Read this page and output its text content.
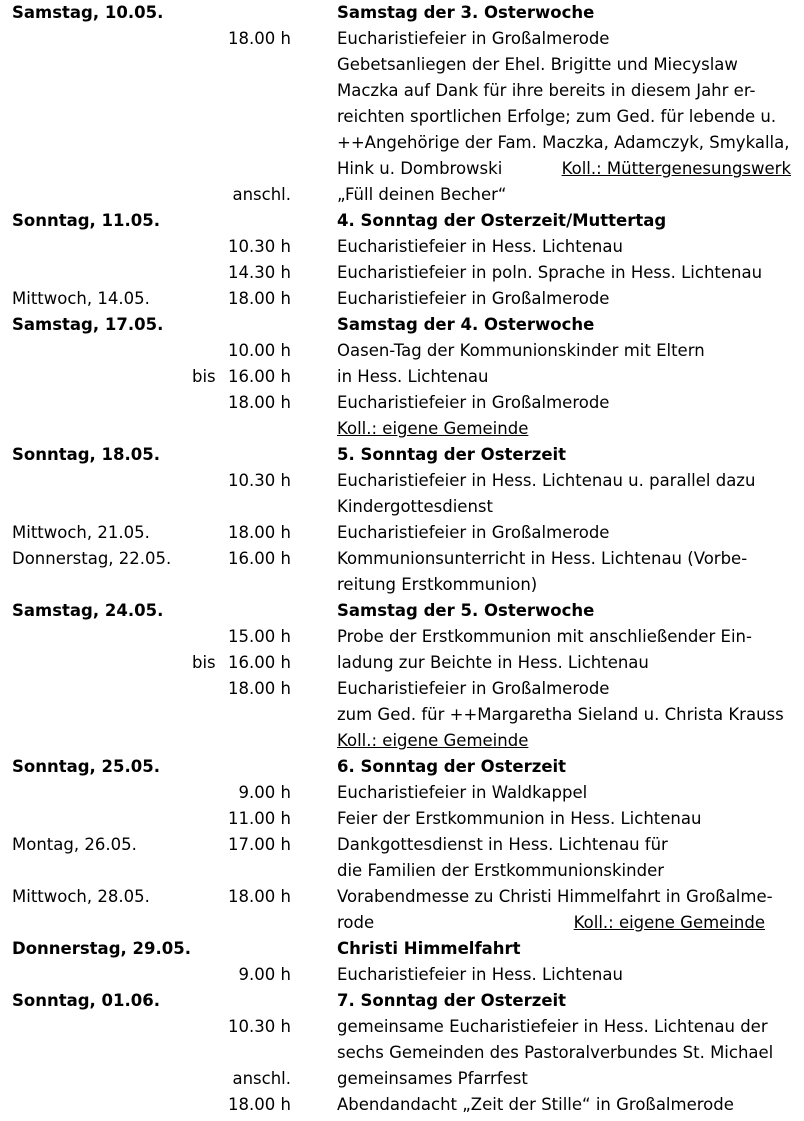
Samstag, 10.05.	Samstag der 3. Osterwoche
18.00 h	Eucharistiefeier in Großalmerode
Gebetsanliegen der Ehel. Brigitte und Miecyslaw
Maczka auf Dank für ihre bereits in diesem Jahr er-
reichten sportlichen Erfolge; zum Ged. für lebende u.
++Angehörige der Fam. Maczka, Adamczyk, Smykalla,
Hink u. Dombrowski	Koll.: Müttergenesungswerk
anschl.	„Füll deinen Becher“
Sonntag, 11.05.	4. Sonntag der Osterzeit/Muttertag
10.30 h	Eucharistiefeier in Hess. Lichtenau
14.30 h	Eucharistiefeier in poln. Sprache in Hess. Lichtenau
Mittwoch, 14.05.	18.00 h	Eucharistiefeier in Großalmerode
Samstag, 17.05.	Samstag der 4. Osterwoche
10.00 h	Oasen-Tag der Kommunionskinder mit Eltern
bis 16.00 h	in Hess. Lichtenau
18.00 h	Eucharistiefeier in Großalmerode
Koll.: eigene Gemeinde
Sonntag, 18.05.	5. Sonntag der Osterzeit
10.30 h	Eucharistiefeier in Hess. Lichtenau u. parallel dazu
Kindergottesdienst
Mittwoch, 21.05.	18.00 h	Eucharistiefeier in Großalmerode
Donnerstag, 22.05.	16.00 h	Kommunionsunterricht in Hess. Lichtenau (Vorbe-
reitung Erstkommunion)
Samstag, 24.05.	Samstag der 5. Osterwoche
15.00 h	Probe der Erstkommunion mit anschließender Ein-
bis 16.00 h	ladung zur Beichte in Hess. Lichtenau
18.00 h	Eucharistiefeier in Großalmerode
zum Ged. für ++Margaretha Sieland u. Christa Krauss
Koll.: eigene Gemeinde
Sonntag, 25.05.	6. Sonntag der Osterzeit
9.00 h	Eucharistiefeier in Waldkappel
11.00 h	Feier der Erstkommunion in Hess. Lichtenau
Montag, 26.05.	17.00 h	Dankgottesdienst in Hess. Lichtenau für
die Familien der Erstkommunionskinder
Mittwoch, 28.05.	18.00 h	Vorabendmesse zu Christi Himmelfahrt in Großalme-
rode	Koll.: eigene Gemeinde
Donnerstag, 29.05.	Christi Himmelfahrt
9.00 h	Eucharistiefeier in Hess. Lichtenau
Sonntag, 01.06.	7. Sonntag der Osterzeit
10.30 h	gemeinsame Eucharistiefeier in Hess. Lichtenau der
sechs Gemeinden des Pastoralverbundes St. Michael
anschl.	gemeinsames Pfarrfest
18.00 h	Abendandacht „Zeit der Stille“ in Großalmerode
